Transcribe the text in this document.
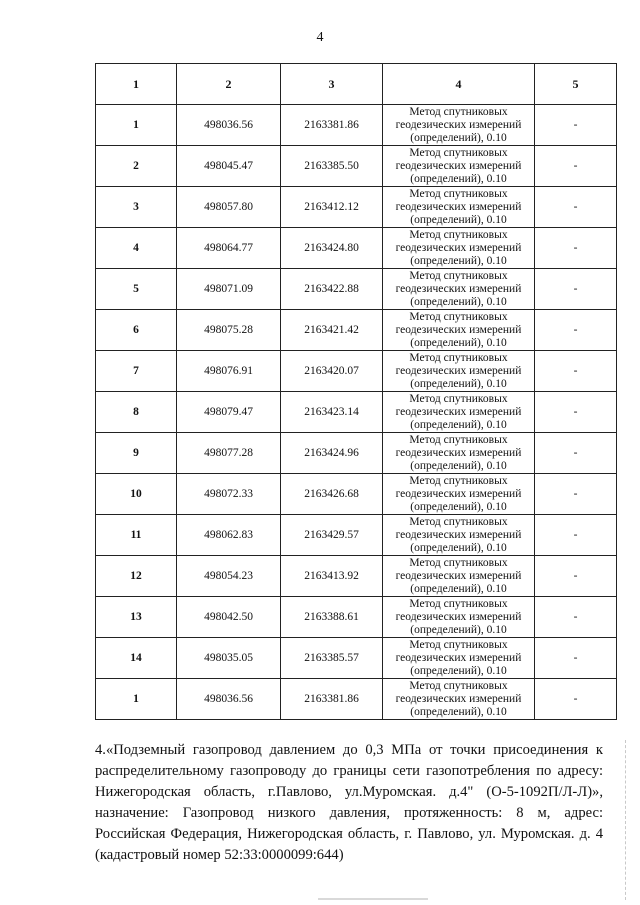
4
1	2	3	4	5
1	498036.56	2163381.86	Метод спутниковых
геодезических измерений
(определений), 0.10	-
2	498045.47	2163385.50	Метод спутниковых
геодезических измерений
(определений), 0.10	-
3	498057.80	2163412.12	Метод спутниковых
геодезических измерений
(определений), 0.10	-
4	498064.77	2163424.80	Метод спутниковых
геодезических измерений
(определений), 0.10	-
5	498071.09	2163422.88	Метод спутниковых
геодезических измерений
(определений), 0.10	-
6	498075.28	2163421.42	Метод спутниковых
геодезических измерений
(определений), 0.10	-
7	498076.91	2163420.07	Метод спутниковых
геодезических измерений
(определений), 0.10	-
8	498079.47	2163423.14	Метод спутниковых
геодезических измерений
(определений), 0.10	-
9	498077.28	2163424.96	Метод спутниковых
геодезических измерений
(определений), 0.10	-
10	498072.33	2163426.68	Метод спутниковых
геодезических измерений
(определений), 0.10	-
11	498062.83	2163429.57	Метод спутниковых
геодезических измерений
(определений), 0.10	-
12	498054.23	2163413.92	Метод спутниковых
геодезических измерений
(определений), 0.10	-
13	498042.50	2163388.61	Метод спутниковых
геодезических измерений
(определений), 0.10	-
14	498035.05	2163385.57	Метод спутниковых
геодезических измерений
(определений), 0.10	-
1	498036.56	2163381.86	Метод спутниковых
геодезических измерений
(определений), 0.10	-
4.«Подземный газопровод давлением до 0,3 МПа от точки присоединения к распределительному газопроводу до границы сети газопотребления по адресу: Нижегородская область, г.Павлово, ул.Муромская. д.4" (О-5-1092П/Л-Л)», назначение: Газопровод низкого давления, протяженность: 8 м, адрес: Российская Федерация, Нижегородская область, г. Павлово, ул. Муромская. д. 4 (кадастровый номер 52:33:0000099:644)
